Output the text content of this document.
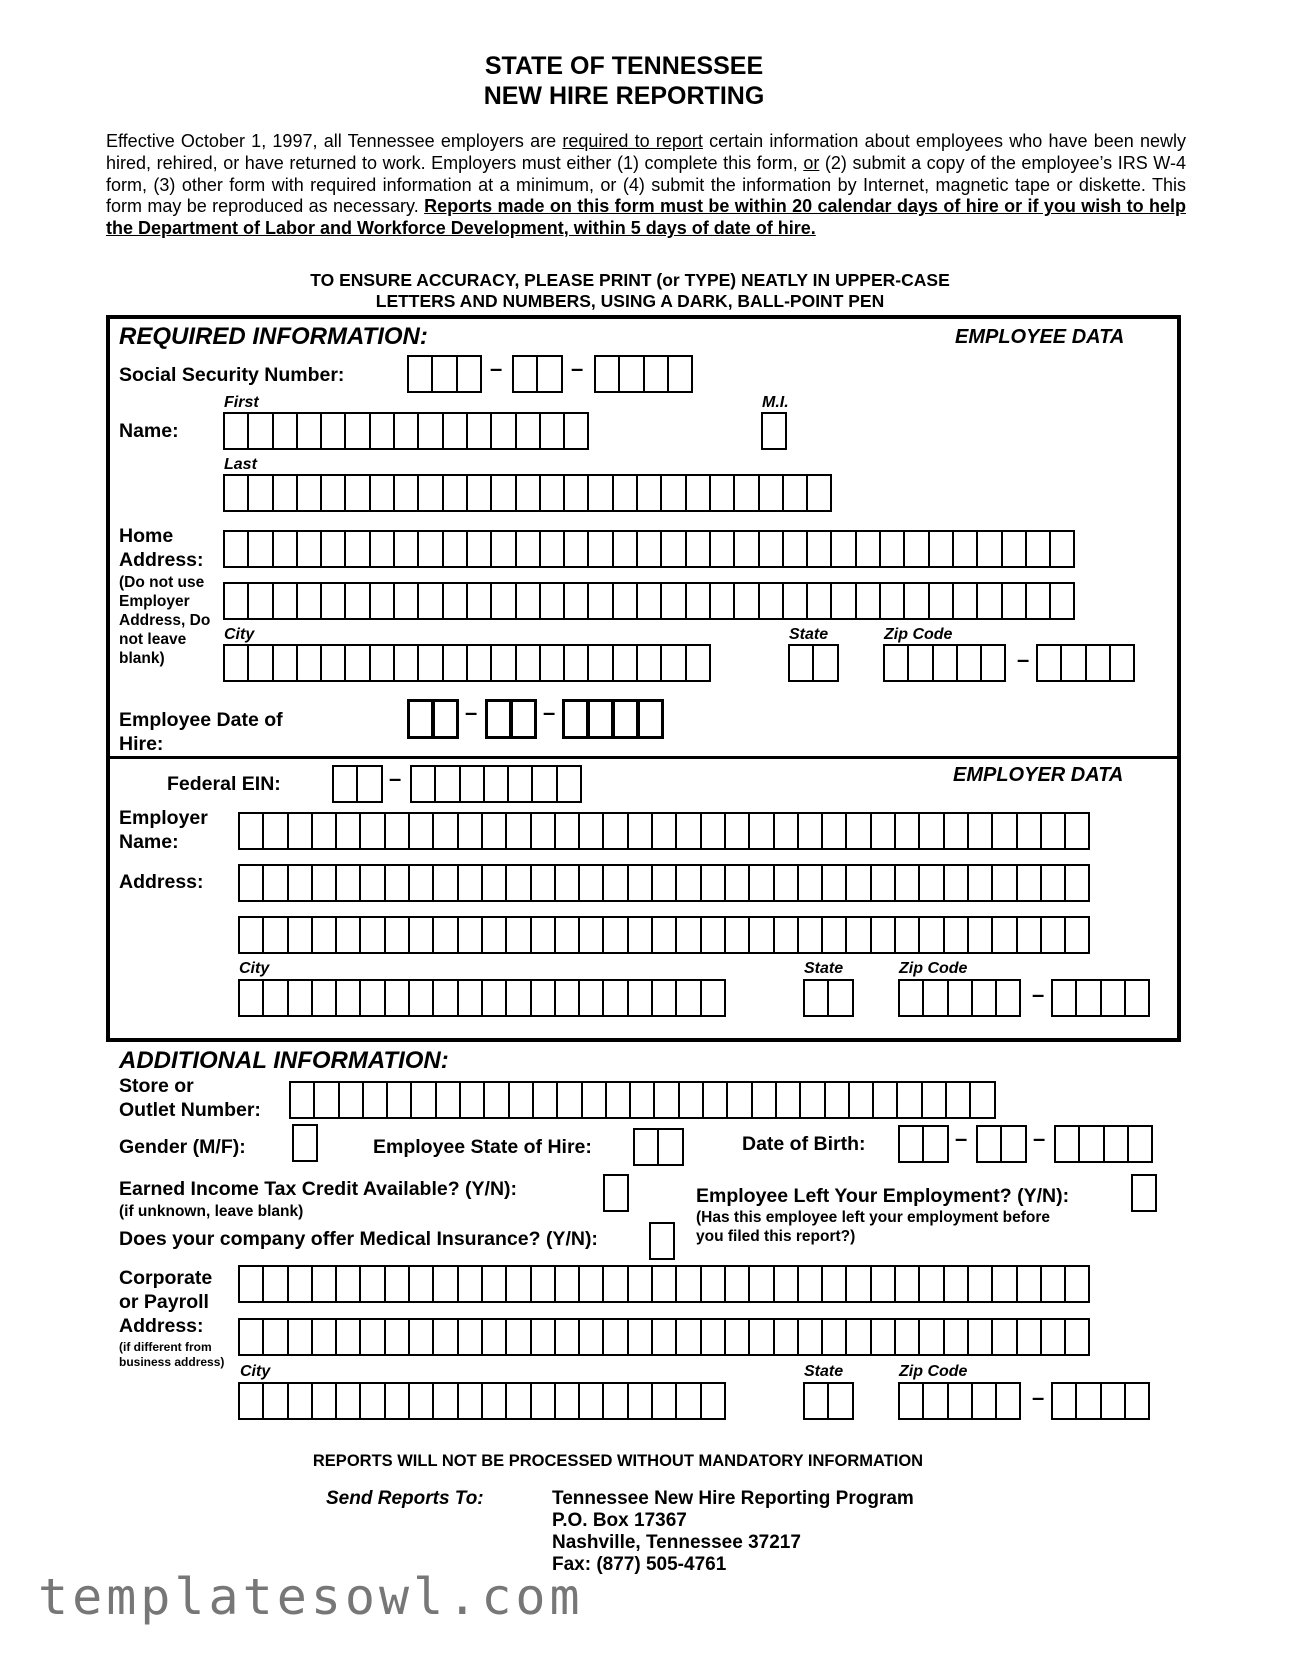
STATE OF TENNESSEE
NEW HIRE REPORTING
Effective October 1, 1997, all Tennessee employers are required to report certain information about employees who have been newly hired, rehired, or have returned to work. Employers must either (1) complete this form, or (2) submit a copy of the employee’s IRS W-4 form, (3) other form with required information at a minimum, or (4) submit the information by Internet, magnetic tape or diskette. This form may be reproduced as necessary. Reports made on this form must be within 20 calendar days of hire or if you wish to help the Department of Labor and Workforce Development, within 5 days of date of hire.
TO ENSURE ACCURACY, PLEASE PRINT (or TYPE) NEATLY IN UPPER-CASE
LETTERS AND NUMBERS, USING A DARK, BALL-POINT PEN
REQUIRED INFORMATION:	EMPLOYEE DATA
Social Security Number:	–	–
First	M.I.
Name:
Last
Home
Address:
(Do not use Employer Address, Do not leave blank)
City	State	Zip Code
–
Employee Date of
Hire:
–	–
EMPLOYER DATA
Federal EIN:	–
Employer
Name:
Address:
City	State	Zip Code
–
ADDITIONAL INFORMATION:
Store or
Outlet Number:
Gender (M/F):	Employee State of Hire:	Date of Birth:	–	–
Earned Income Tax Credit Available? (Y/N):
(if unknown, leave blank)
Employee Left Your Employment? (Y/N):
(Has this employee left your employment before
you filed this report?)
Does your company offer Medical Insurance? (Y/N):
Corporate
or Payroll
Address:
(if different from
business address)
City	State	Zip Code
–
REPORTS WILL NOT BE PROCESSED WITHOUT MANDATORY INFORMATION
Send Reports To:	Tennessee New Hire Reporting Program
P.O. Box 17367
Nashville, Tennessee 37217
Fax: (877) 505-4761
templatesowl.com
